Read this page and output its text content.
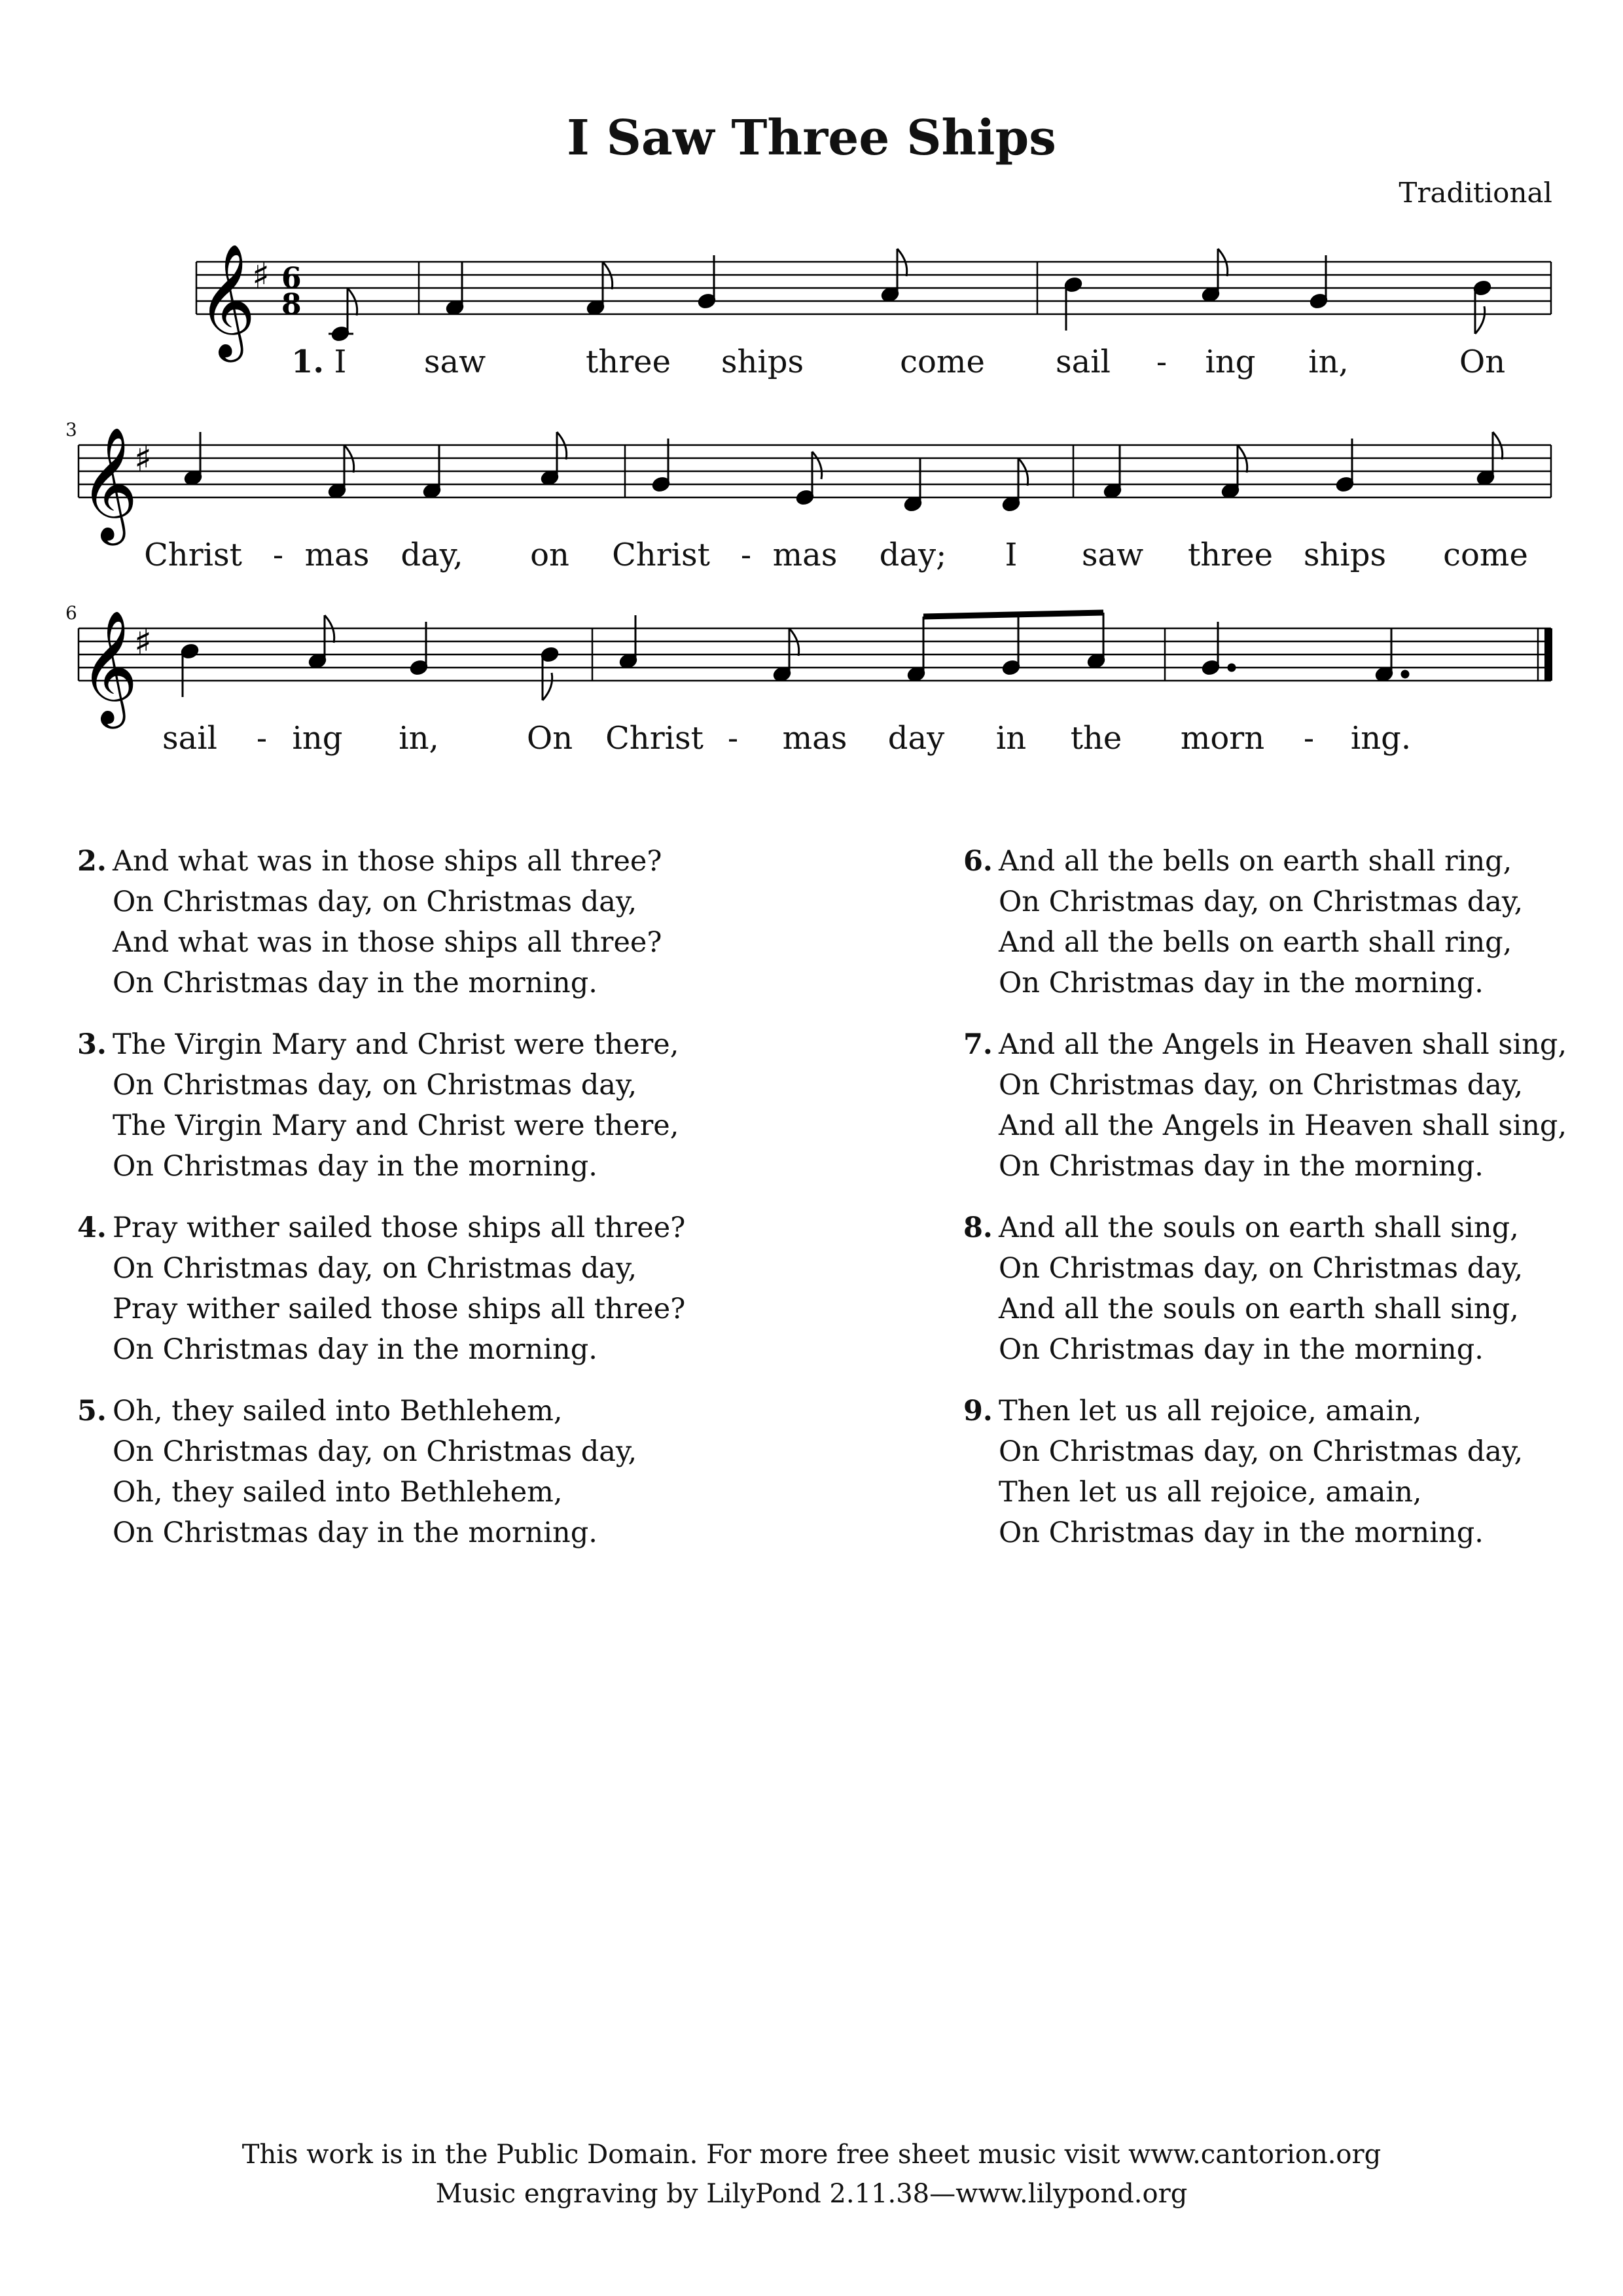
I Saw Three Ships
Traditional
𝄞
♯ 6
8
1. I saw	three ships	come sail - ing in,	On
3 𝄞
♯
Christ - mas day, on Christ - mas day; I saw three ships come
6 𝄞
♯
sail - ing in,	On Christ - mas day in the morn - ing.
2. And what was in those ships all three?
On Christmas day, on Christmas day,
And what was in those ships all three?
On Christmas day in the morning.
3. The Virgin Mary and Christ were there,
On Christmas day, on Christmas day,
The Virgin Mary and Christ were there,
On Christmas day in the morning.
4. Pray wither sailed those ships all three?
On Christmas day, on Christmas day,
Pray wither sailed those ships all three?
On Christmas day in the morning.
5. Oh, they sailed into Bethlehem,
On Christmas day, on Christmas day,
Oh, they sailed into Bethlehem,
On Christmas day in the morning.
6. And all the bells on earth shall ring,
On Christmas day, on Christmas day,
And all the bells on earth shall ring,
On Christmas day in the morning.
7. And all the Angels in Heaven shall sing,
On Christmas day, on Christmas day,
And all the Angels in Heaven shall sing,
On Christmas day in the morning.
8. And all the souls on earth shall sing,
On Christmas day, on Christmas day,
And all the souls on earth shall sing,
On Christmas day in the morning.
9. Then let us all rejoice, amain,
On Christmas day, on Christmas day,
Then let us all rejoice, amain,
On Christmas day in the morning.
This work is in the Public Domain. For more free sheet music visit www.cantorion.org
Music engraving by LilyPond 2.11.38—www.lilypond.org
